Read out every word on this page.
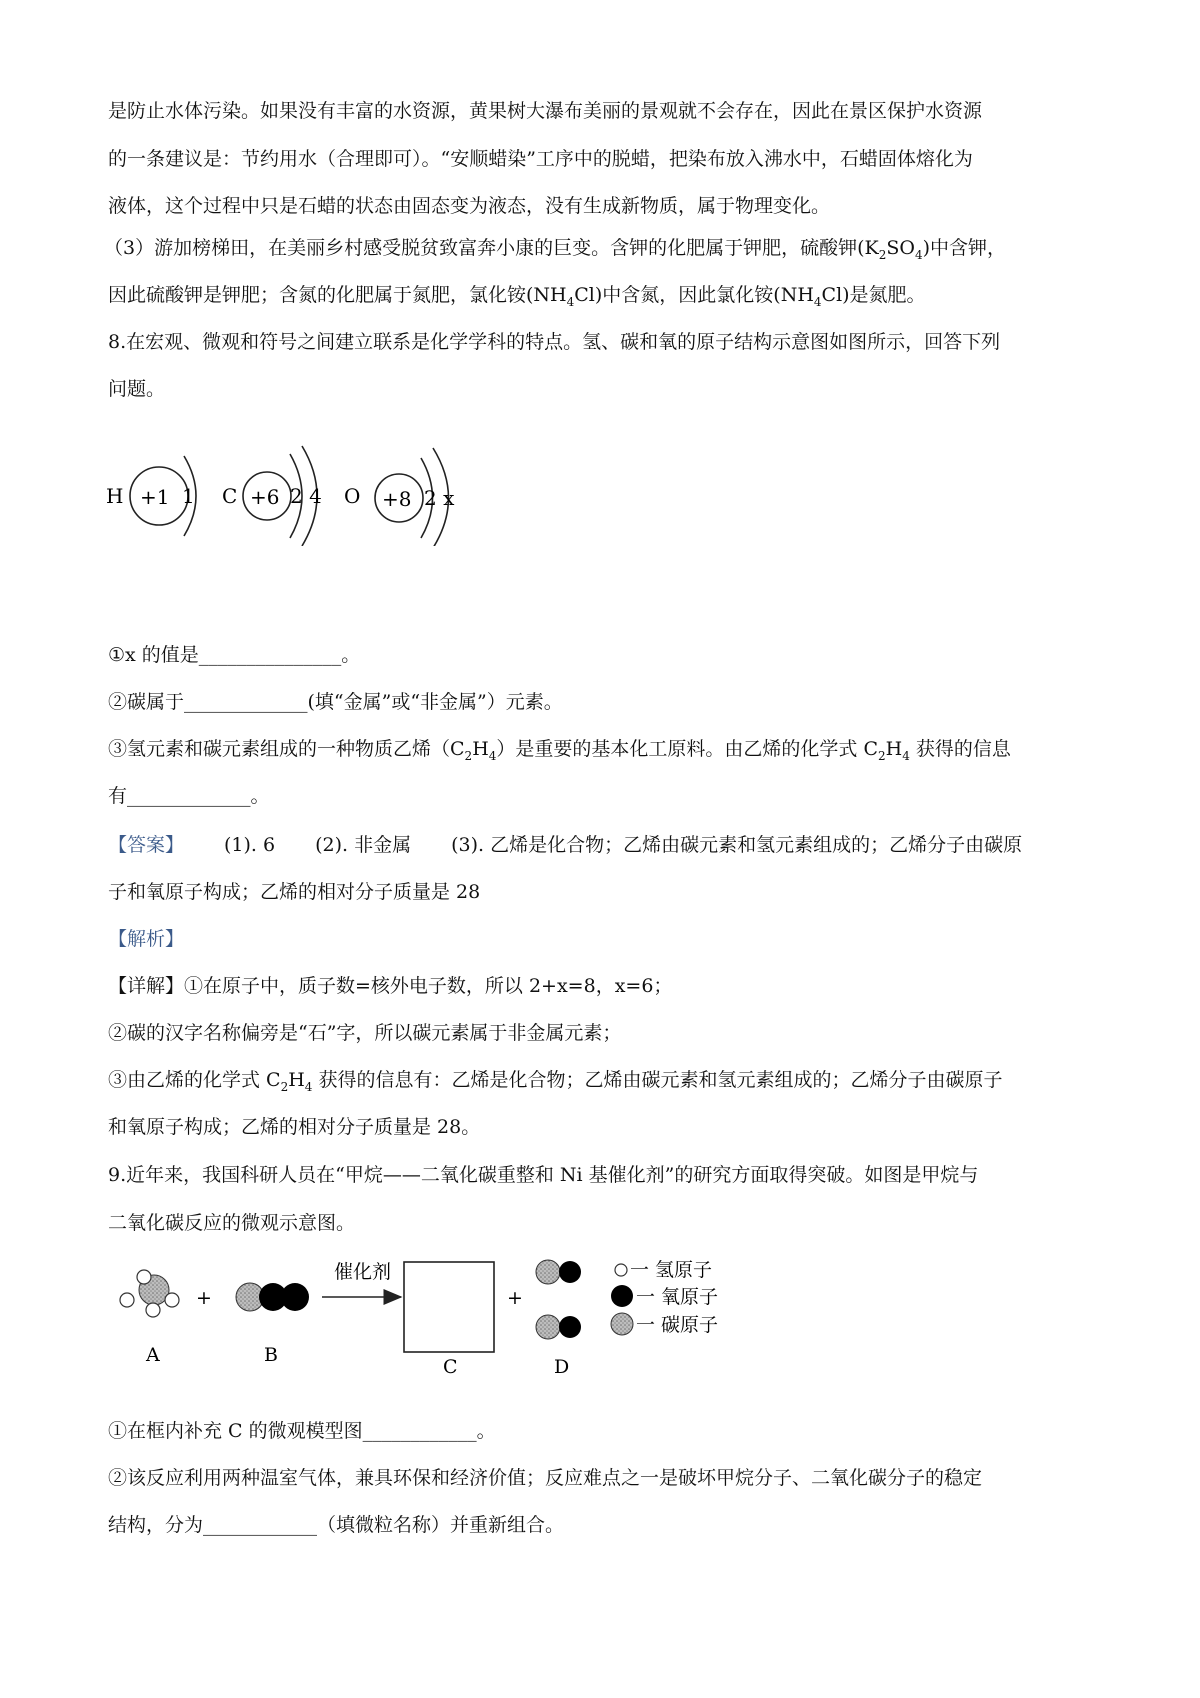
是防止水体污染。如果没有丰富的水资源，黄果树大瀑布美丽的景观就不会存在，因此在景区保护水资源
的一条建议是：节约用水（合理即可）。“安顺蜡染”工序中的脱蜡，把染布放入沸水中，石蜡固体熔化为
液体，这个过程中只是石蜡的状态由固态变为液态，没有生成新物质，属于物理变化。
（3）游加榜梯田，在美丽乡村感受脱贫致富奔小康的巨变。含钾的化肥属于钾肥，硫酸钾$(K_2SO_4)$中含钾，
因此硫酸钾是钾肥；含氮的化肥属于氮肥，氯化铵$(NH_4Cl)$中含氮，因此氯化铵$(NH_4Cl)$是氮肥。
8.在宏观、微观和符号之间建立联系是化学学科的特点。氢、碳和氧的原子结构示意图如图所示，回答下列
问题。
H +1 1 C +6 2 4 O +8 2 x
①x 的值是_______________。
②碳属于_____________(填“金属”或“非金属”）元素。
③氢元素和碳元素组成的一种物质乙烯$(C_2H_4)$是重要的基本化工原料。由乙烯的化学式 $C_2H_4$ 获得的信息
有_____________。
【答案】 (1). 6 (2). 非金属 (3). 乙烯是化合物；乙烯由碳元素和氢元素组成的；乙烯分子由碳原
子和氧原子构成；乙烯的相对分子质量是 28
【解析】
【详解】①在原子中，质子数=核外电子数，所以 2+x=8，x=6；
②碳的汉字名称偏旁是“石”字，所以碳元素属于非金属元素；
③由乙烯的化学式 $C_2H_4$ 获得的信息有：乙烯是化合物；乙烯由碳元素和氢元素组成的；乙烯分子由碳原子
和氧原子构成；乙烯的相对分子质量是 28。
9.近年来，我国科研人员在“甲烷——二氧化碳重整和 Ni 基催化剂”的研究方面取得突破。如图是甲烷与
二氧化碳反应的微观示意图。
A
+
B
催化剂
C
+
D
一 氢原子
一 氧原子
一 碳原子
①在框内补充 C 的微观模型图____________。
②该反应利用两种温室气体，兼具环保和经济价值；反应难点之一是破坏甲烷分子、二氧化碳分子的稳定
结构，分为____________（填微粒名称）并重新组合。
